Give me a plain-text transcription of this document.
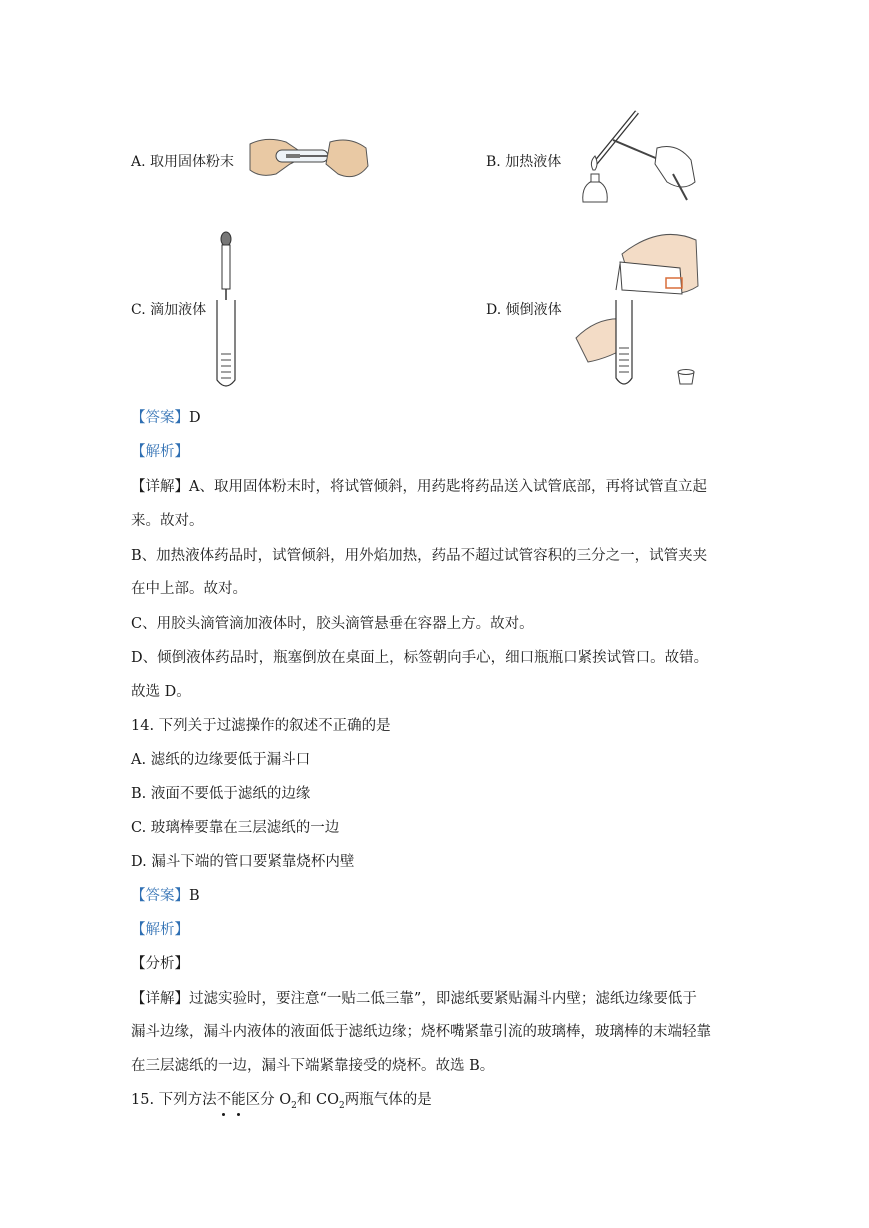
A. 取用固体粉末	B. 加热液体
C. 滴加液体	D. 倾倒液体
【答案】D
【解析】
【详解】A、取用固体粉末时，将试管倾斜，用药匙将药品送入试管底部，再将试管直立起
来。故对。
B、加热液体药品时，试管倾斜，用外焰加热，药品不超过试管容积的三分之一，试管夹夹
在中上部。故对。
C、用胶头滴管滴加液体时，胶头滴管悬垂在容器上方。故对。
D、倾倒液体药品时，瓶塞倒放在桌面上，标签朝向手心，细口瓶瓶口紧挨试管口。故错。
故选 D。
14. 下列关于过滤操作的叙述不正确的是
A. 滤纸的边缘要低于漏斗口
B. 液面不要低于滤纸的边缘
C. 玻璃棒要靠在三层滤纸的一边
D. 漏斗下端的管口要紧靠烧杯内壁
【答案】B
【解析】
【分析】
【详解】过滤实验时，要注意“一贴二低三靠”，即滤纸要紧贴漏斗内壁；滤纸边缘要低于
漏斗边缘，漏斗内液体的液面低于滤纸边缘；烧杯嘴紧靠引流的玻璃棒，玻璃棒的末端轻靠
在三层滤纸的一边，漏斗下端紧靠接受的烧杯。故选 B。
15. 下列方法不能区分 $O_2$和 $CO_2$两瓶气体的是
